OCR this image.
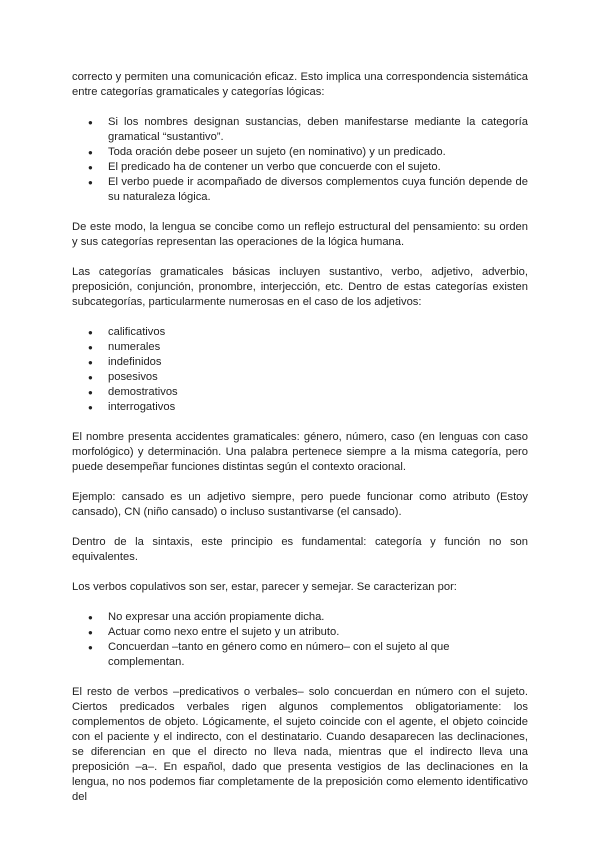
correcto y permiten una comunicación eficaz. Esto implica una correspondencia sistemática entre categorías gramaticales y categorías lógicas:

● Si los nombres designan sustancias, deben manifestarse mediante la categoría gramatical “sustantivo”.
● Toda oración debe poseer un sujeto (en nominativo) y un predicado.
● El predicado ha de contener un verbo que concuerde con el sujeto.
● El verbo puede ir acompañado de diversos complementos cuya función depende de su naturaleza lógica.

De este modo, la lengua se concibe como un reflejo estructural del pensamiento: su orden y sus categorías representan las operaciones de la lógica humana.

Las categorías gramaticales básicas incluyen sustantivo, verbo, adjetivo, adverbio, preposición, conjunción, pronombre, interjección, etc. Dentro de estas categorías existen subcategorías, particularmente numerosas en el caso de los adjetivos:

● calificativos
● numerales
● indefinidos
● posesivos
● demostrativos
● interrogativos

El nombre presenta accidentes gramaticales: género, número, caso (en lenguas con caso morfológico) y determinación. Una palabra pertenece siempre a la misma categoría, pero puede desempeñar funciones distintas según el contexto oracional.

Ejemplo: cansado es un adjetivo siempre, pero puede funcionar como atributo (Estoy cansado), CN (niño cansado) o incluso sustantivarse (el cansado).

Dentro de la sintaxis, este principio es fundamental: categoría y función no son equivalentes.

Los verbos copulativos son ser, estar, parecer y semejar. Se caracterizan por:

● No expresar una acción propiamente dicha.
● Actuar como nexo entre el sujeto y un atributo.
● Concuerdan –tanto en género como en número– con el sujeto al que complementan.

El resto de verbos –predicativos o verbales– solo concuerdan en número con el sujeto. Ciertos predicados verbales rigen algunos complementos obligatoriamente: los complementos de objeto. Lógicamente, el sujeto coincide con el agente, el objeto coincide con el paciente y el indirecto, con el destinatario. Cuando desaparecen las declinaciones, se diferencian en que el directo no lleva nada, mientras que el indirecto lleva una preposición –a–. En español, dado que presenta vestigios de las declinaciones en la lengua, no nos podemos fiar completamente de la preposición como elemento identificativo del
